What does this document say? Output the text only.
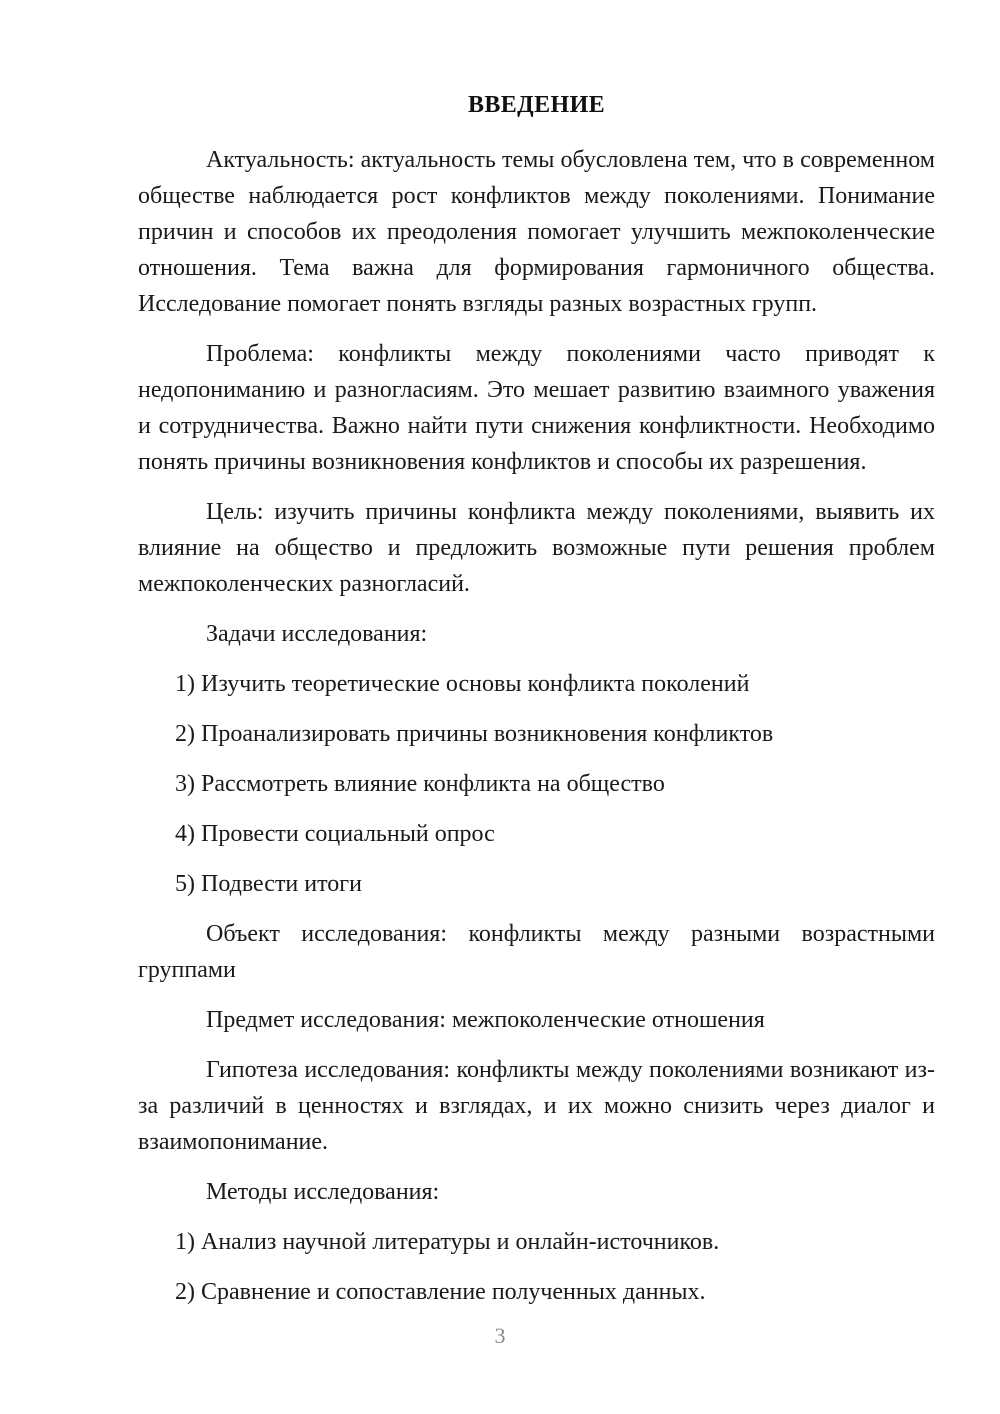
ВВЕДЕНИЕ

Актуальность: актуальность темы обусловлена тем, что в современном обществе наблюдается рост конфликтов между поколениями. Понимание причин и способов их преодоления помогает улучшить межпоколенческие отношения. Тема важна для формирования гармоничного общества. Исследование помогает понять взгляды разных возрастных групп.

Проблема: конфликты между поколениями часто приводят к недопониманию и разногласиям. Это мешает развитию взаимного уважения и сотрудничества. Важно найти пути снижения конфликтности. Необходимо понять причины возникновения конфликтов и способы их разрешения.

Цель: изучить причины конфликта между поколениями, выявить их влияние на общество и предложить возможные пути решения проблем межпоколенческих разногласий.

Задачи исследования:

1) Изучить теоретические основы конфликта поколений
2) Проанализировать причины возникновения конфликтов
3) Рассмотреть влияние конфликта на общество
4) Провести социальный опрос
5) Подвести итоги

Объект исследования: конфликты между разными возрастными группами

Предмет исследования: межпоколенческие отношения

Гипотеза исследования: конфликты между поколениями возникают из-за различий в ценностях и взглядах, и их можно снизить через диалог и взаимопонимание.

Методы исследования:

1) Анализ научной литературы и онлайн-источников.
2) Сравнение и сопоставление полученных данных.
3
